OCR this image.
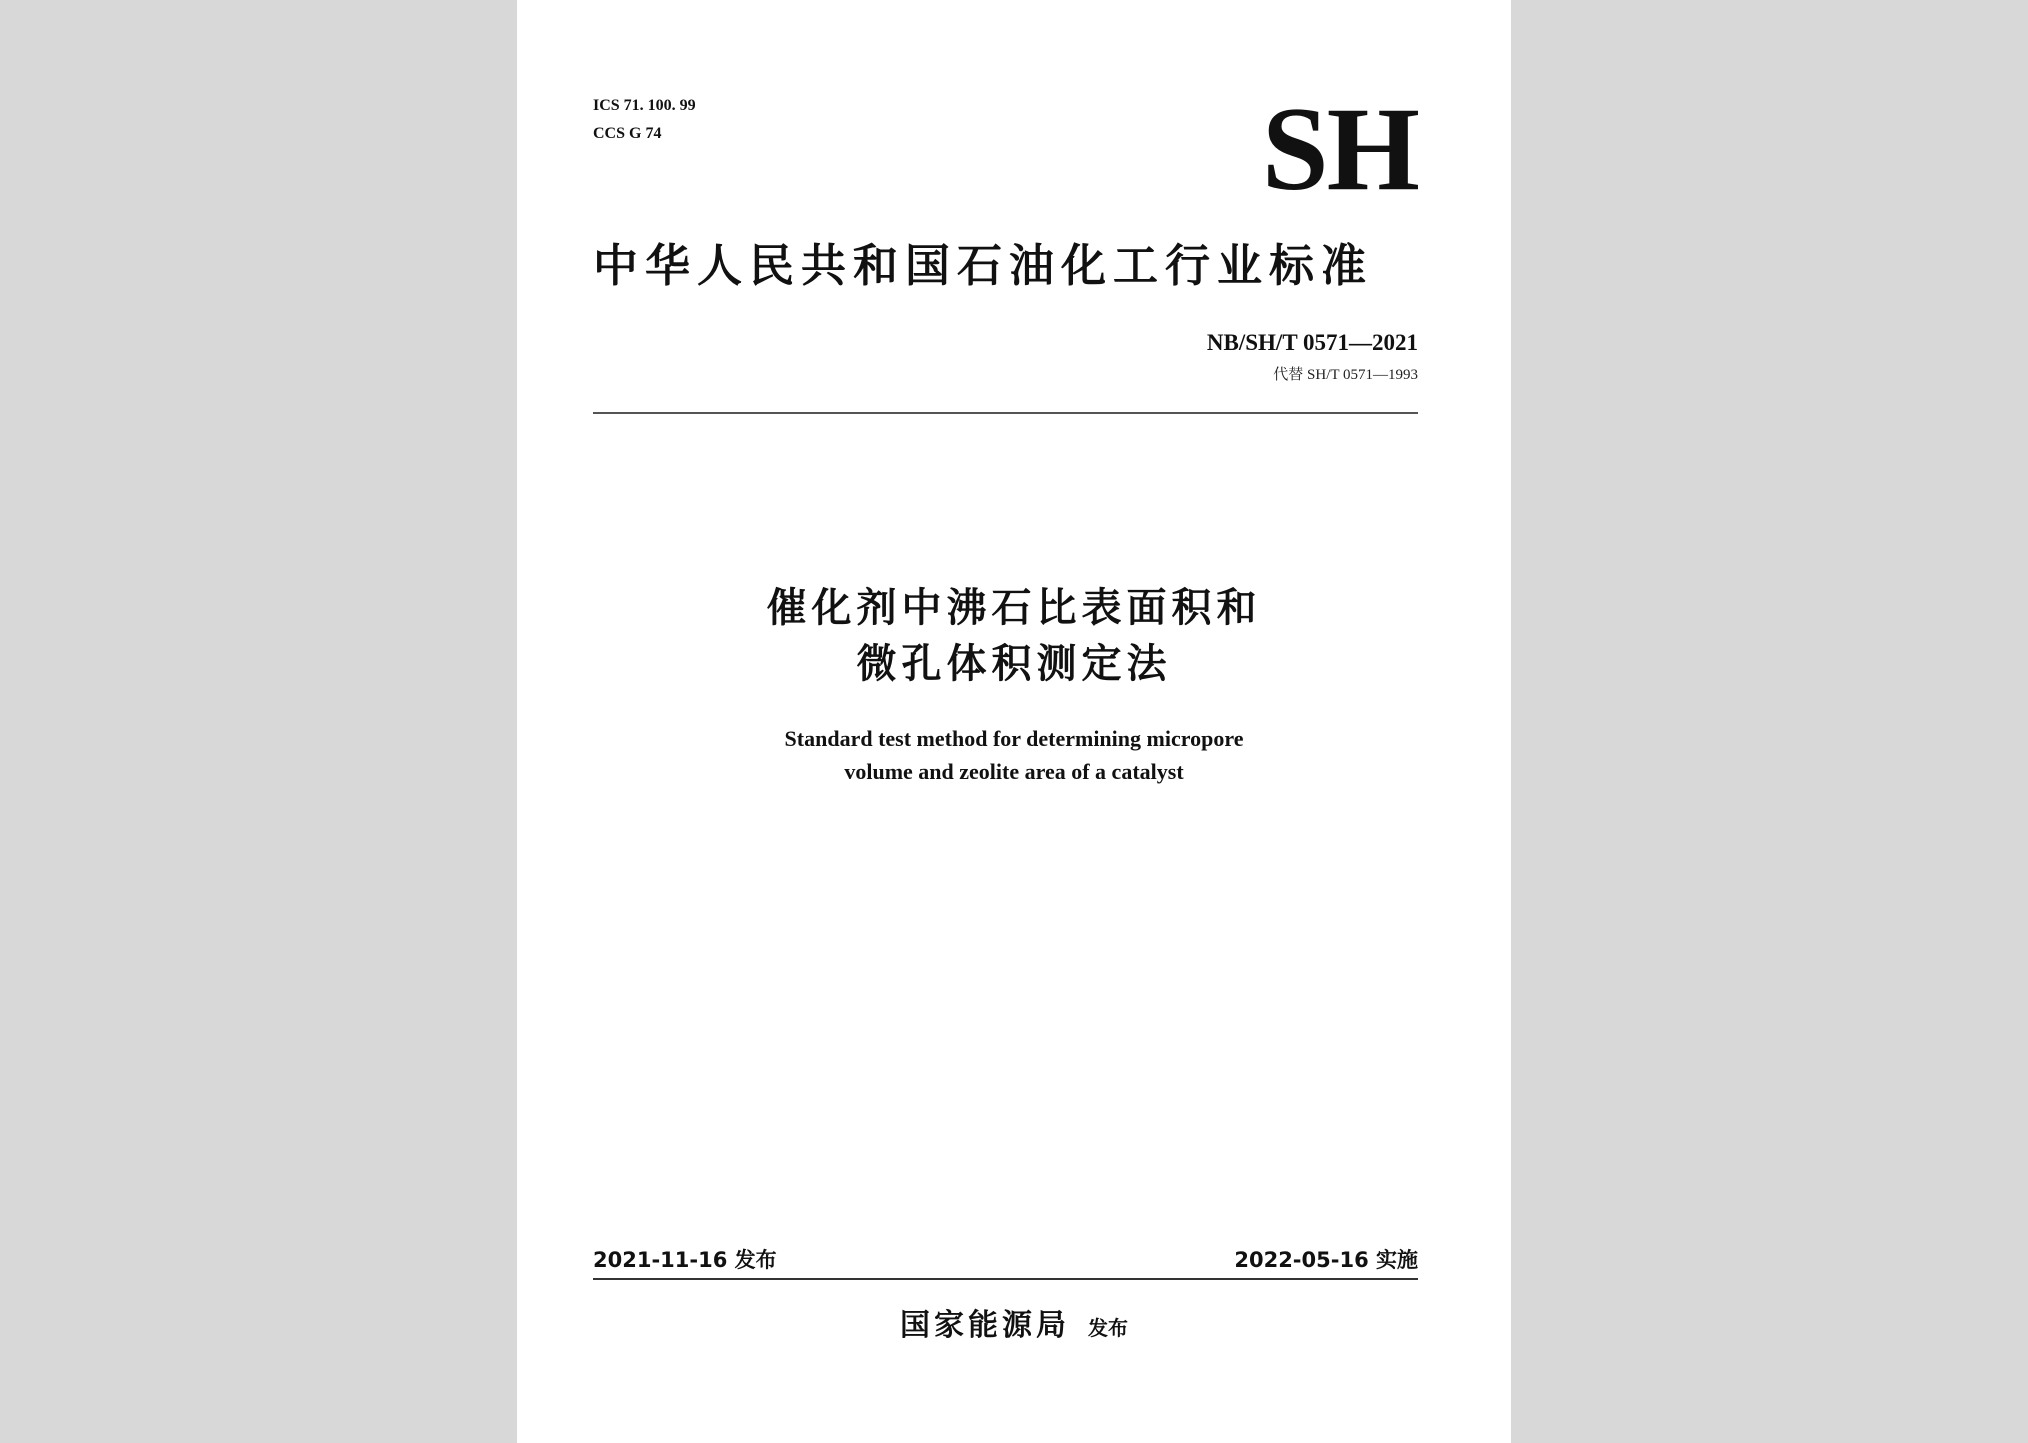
ICS 71. 100. 99
CCS G 74	SH
中华人民共和国石油化工行业标准
NB/SH/T 0571—2021
代替 SH/T 0571—1993
催化剂中沸石比表面积和
微孔体积测定法
Standard test method for determining micropore
volume and zeolite area of a catalyst
2021-11-16 发布	2022-05-16 实施
国家能源局 发布
